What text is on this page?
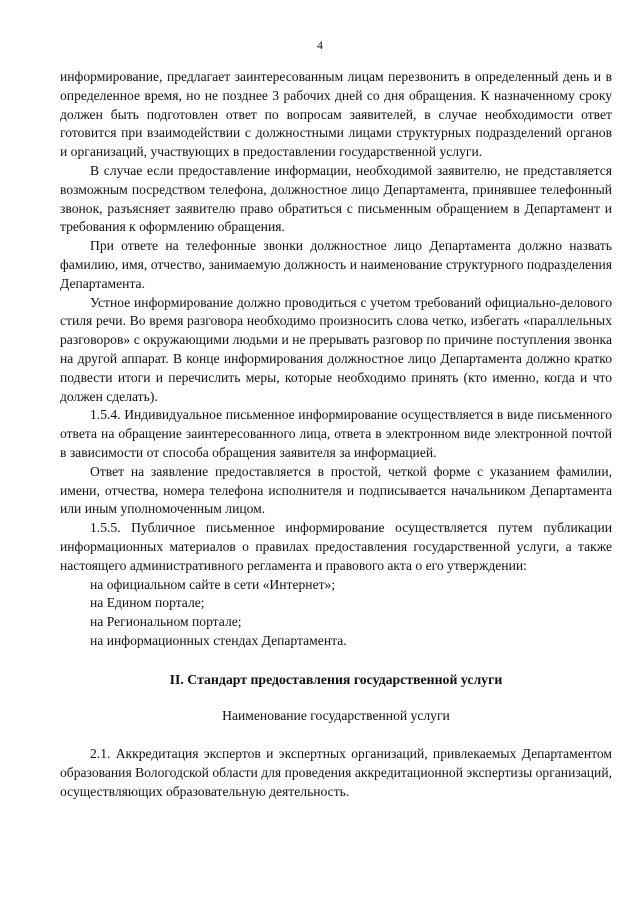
4

информирование, предлагает заинтересованным лицам перезвонить в определенный день и в определенное время, но не позднее 3 рабочих дней со дня обращения. К назначенному сроку должен быть подготовлен ответ по вопросам заявителей, в случае необходимости ответ готовится при взаимодействии с должностными лицами структурных подразделений органов и организаций, участвующих в предоставлении государственной услуги.

В случае если предоставление информации, необходимой заявителю, не представляется возможным посредством телефона, должностное лицо Департамента, принявшее телефонный звонок, разъясняет заявителю право обратиться с письменным обращением в Департамент и требования к оформлению обращения.

При ответе на телефонные звонки должностное лицо Департамента должно назвать фамилию, имя, отчество, занимаемую должность и наименование структурного подразделения Департамента.

Устное информирование должно проводиться с учетом требований официально-делового стиля речи. Во время разговора необходимо произносить слова четко, избегать «параллельных разговоров» с окружающими людьми и не прерывать разговор по причине поступления звонка на другой аппарат. В конце информирования должностное лицо Департамента должно кратко подвести итоги и перечислить меры, которые необходимо принять (кто именно, когда и что должен сделать).

1.5.4. Индивидуальное письменное информирование осуществляется в виде письменного ответа на обращение заинтересованного лица, ответа в электронном виде электронной почтой в зависимости от способа обращения заявителя за информацией.

Ответ на заявление предоставляется в простой, четкой форме с указанием фамилии, имени, отчества, номера телефона исполнителя и подписывается начальником Департамента или иным уполномоченным лицом.

1.5.5. Публичное письменное информирование осуществляется путем публикации информационных материалов о правилах предоставления государственной услуги, а также настоящего административного регламента и правового акта о его утверждении:

на официальном сайте в сети «Интернет»;

на Едином портале;

на Региональном портале;

на информационных стендах Департамента.

II. Стандарт предоставления государственной услуги

Наименование государственной услуги

2.1. Аккредитация экспертов и экспертных организаций, привлекаемых Департаментом образования Вологодской области для проведения аккредитационной экспертизы организаций, осуществляющих образовательную деятельность.
